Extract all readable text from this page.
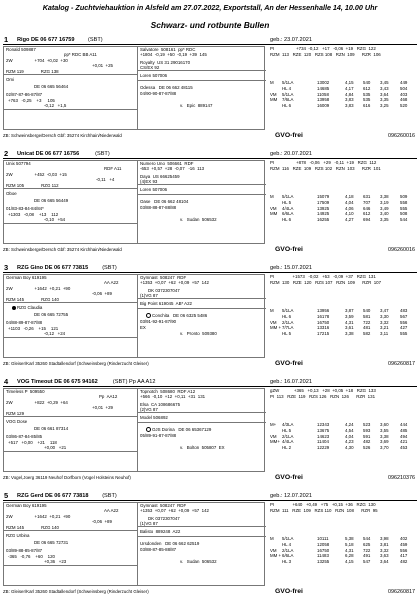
Katalog - Zuchtviehauktion in Alsfeld am 27.07.2022, Exportstall, An der Hessenhalle 14, 10.00 Uhr
Schwarz- und rotbunte Bullen
1 Rigo DE 06 677 16759 (SBT)	geb.: 23.07.2021
Ronald 509887
pp* RDC BB A11
2W                  +704  +0,02  +30
+0,01  +25
RZM 119              RZG 138
Omi
DE 06 665 56464
02/87-87-86-87/87
+763   -0,25    +3     105
-0,12   +1,5
Salvatore  508161  pp* RDC
+1804  -0,19  +50  -0,19  +39  145
Royalty  US 31 29016170
CS/EX 92
Loren 507006
Odessa   DE 06 662 48115
04/90-90-87-87/88
v.   Epic  889147
PI                  +734  -0,12   +17   -0,06  +19   RZG  122
RZM  113   RZE  120   RZS 108   RZN  109      RZR  106
M 5/1LA	13002	4,15 540 3,45	449
HL 4	14685	4,17 612 3,43	504
VM 5/1LA	11058	4,84 535 3,64	403
MM 7/6LA	13958	3,83 535 3,35	468
HL 6	16009	3,83 616 3,25	520
ZB: Schweinsberge/Dersch Gbf: 35274 Kirchhain/Niederwald	GVO-frei	096260016
2 Unicat DE 06 677 16756	(SBT)	geb.: 20.07.2021
Unix 507794
RDF A11
2W                  +452  -0,03  +15
-0,11   +4
RZM 105              RZG 112
Oboe
DE 06 665 56449
01/83-83-84-84/84*
+1303   -0,08    +13    112
-0,10   +54
Numero Uno  506661  RDF
-653  +0,57  +28  -0,07   -16  113
Daya  US 66625459
(4)EX 93
Loren 507006
Oase   DE 06 662 48104
03/88-88-87-88/88
v.   Sudan  506532
PI                  +878   -0,06   +29   -0,11  +19   RZG  112
RZM  116   RZE  109   RZS 102   RZN  103      RZR  101
M 5/1LA	15079	4,18 631 3,38	509
HL 5	17509	4,04 707 3,19	558
VM 4/4LA	13925	4,06 646 3,49	555
MM 6/6LA	14925	4,10 612 3,40	508
HL 6	16255	4,27 694 3,35	544
ZB: Schweinsberge/Dersch Gbf: 35274 Kirchhain/Niederwald	GVO-frei	096260016
3 RZG Gino DE 06 677 73815 (SBT)	geb.: 15.07.2021
German Boy 619195
AA A22
2W                  +1642  +0,21  +90
-0,06  +89
RZM 145              RZG 140
RZG Claudia
DE 06 665 72755
04/88-89-87-87/88
+1103   -0,26    +15    121
-0,12   +24
Gymnast  508247  RDF
+1353  +0,07  +62  +0,09  +57  142
DK 0372307047
(1)VG 87
Big Point 619045  AB* A22
Conchita   DE 06 6325 5486
03/91-92-91-87/90
EX
v.   Pronto  509380
PI               +1573   -0,02   +53   -0,09  +37   RZG  131
RZM  130   RZE  120   RZS 107   RZN  109      RZR  107
M 5/1LA	13956	3,87 540 3,47	483
HL 6	16178	3,59 581 3,30	567
VM 2/1LA	16750	4,31 722 3,32	556
MM + 7/7LA	13316	3,61 481 3,21	427
HL 5	17215	3,38 582 3,11	555
ZB: Gleiser/Karl 35260 Stadtallendorf (Schweinsberg (Rinderzucht Gleiser)	GVO-frei	096260817
4 VOG Timeout DE 06 675 94162	(SBT) Pp AA A12	geb.: 16.07.2021
Timeless P  509550
Pp  AA12
2W                  +822  +0,29  +64
+0,01  +29
RZM 129
VOG Dose
DE 06 661 87314
03/86-87-84-85/85
+517   +0,00    +21    118
+0,00   +21
Topnotch  508680  RDF A12
+566  -0,10  +12  +0,11  +31  131
Elsa  CA 108686675
(2)VG 87
Model 506892
OJS Dorina   DE 06 65367129
05/89-91-87-87/88
v.   Bolton  505807  EX
gZW            +365   +0,13   +28  +0,05  +18   RZG  133
PI  113   RZE  119   RZS 126   RZN  126      RZR  131
M+ 4/3LA	12343	4,24 523 3,60	444
HL 5	13675	4,54 593 3,55	485
VM 2/1LA	14623	4,04 591 3,38	494
MM+ 4/4LA	11404	4,23 482 3,69	421
HL 2	12229	4,30 526 3,70	453
ZB: Vogel,Joerg 36119 Neuhof Dorfborn (Vogel Holsteins Neuhof)	GVO-frei	096210376
5 RZG Gerd DE 06 677 73818 (SBT)	geb.: 12.07.2021
German Boy 619195
AA A22
2W                  +1642  +0,21  +90
-0,06  +89
RZM 145              RZG 140
RZG Urbina
DE 06 665 72731
03/89-88-85-87/87
-365   -0,76    +60    120
+0,36   +23
Gymnast  508247  RDF
+1353  +0,07  +62  +0,09  +57  142
DK 0372307047
(1)VG 87
Balisto  889248  A22
Ursdonden   DE 06 662 62519
03/88-87-85-88/87
v.   Sudan  506532
PI               +640   +0,49   +75   +0,15  +36   RZG  130
RZM  111   RZE  109   RZS 110   RZN  108      RZR  95
M 5/1LA	10111	5,38 544 3,98	402
HL 4	12058	5,18 625 3,81	459
VM 2/1LA	16750	4,31 722 3,32	556
MM + 6/6LA	11483	6,28 491 3,63	417
HL 3	13255	4,15 547 3,64	482
ZB: Gleiser/Karl 35260 Stadtallendorf (Schweinsberg (Rinderzucht Gleiser)	GVO-frei	096260817
